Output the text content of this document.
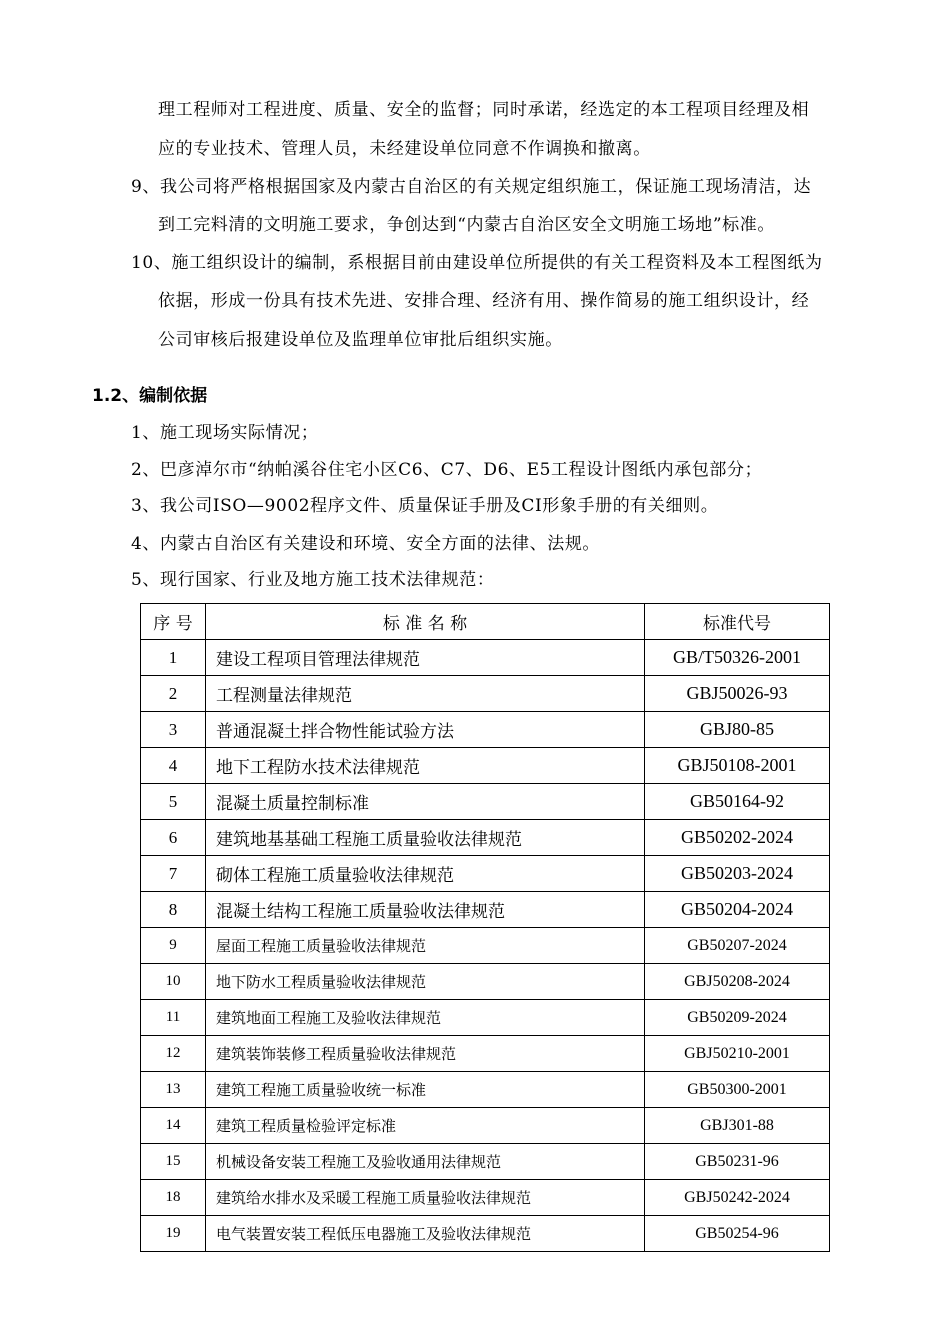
理工程师对工程进度、质量、安全的监督；同时承诺，经选定的本工程项目经理及相
应的专业技术、管理人员，未经建设单位同意不作调换和撤离。
9、我公司将严格根据国家及内蒙古自治区的有关规定组织施工，保证施工现场清洁，达
到工完料清的文明施工要求，争创达到“内蒙古自治区安全文明施工场地”标准。
10、施工组织设计的编制，系根据目前由建设单位所提供的有关工程资料及本工程图纸为
依据，形成一份具有技术先进、安排合理、经济有用、操作简易的施工组织设计，经
公司审核后报建设单位及监理单位审批后组织实施。
1.2、编制依据
1、施工现场实际情况；
2、巴彦淖尔市“纳帕溪谷住宅小区C6、C7、D6、E5工程设计图纸内承包部分；
3、我公司ISO—9002程序文件、质量保证手册及CI形象手册的有关细则。
4、内蒙古自治区有关建设和环境、安全方面的法律、法规。
5、现行国家、行业及地方施工技术法律规范：
序 号	标 准 名 称	标准代号
1	建设工程项目管理法律规范	GB/T50326-2001
2	工程测量法律规范	GBJ50026-93
3	普通混凝土拌合物性能试验方法	GBJ80-85
4	地下工程防水技术法律规范	GBJ50108-2001
5	混凝土质量控制标准	GB50164-92
6	建筑地基基础工程施工质量验收法律规范	GB50202-2024
7	砌体工程施工质量验收法律规范	GB50203-2024
8	混凝土结构工程施工质量验收法律规范	GB50204-2024
9	屋面工程施工质量验收法律规范	GB50207-2024
10	地下防水工程质量验收法律规范	GBJ50208-2024
11	建筑地面工程施工及验收法律规范	GB50209-2024
12	建筑装饰装修工程质量验收法律规范	GBJ50210-2001
13	建筑工程施工质量验收统一标准	GB50300-2001
14	建筑工程质量检验评定标准	GBJ301-88
15	机械设备安装工程施工及验收通用法律规范	GB50231-96
18	建筑给水排水及采暖工程施工质量验收法律规范	GBJ50242-2024
19	电气装置安装工程低压电器施工及验收法律规范	GB50254-96
